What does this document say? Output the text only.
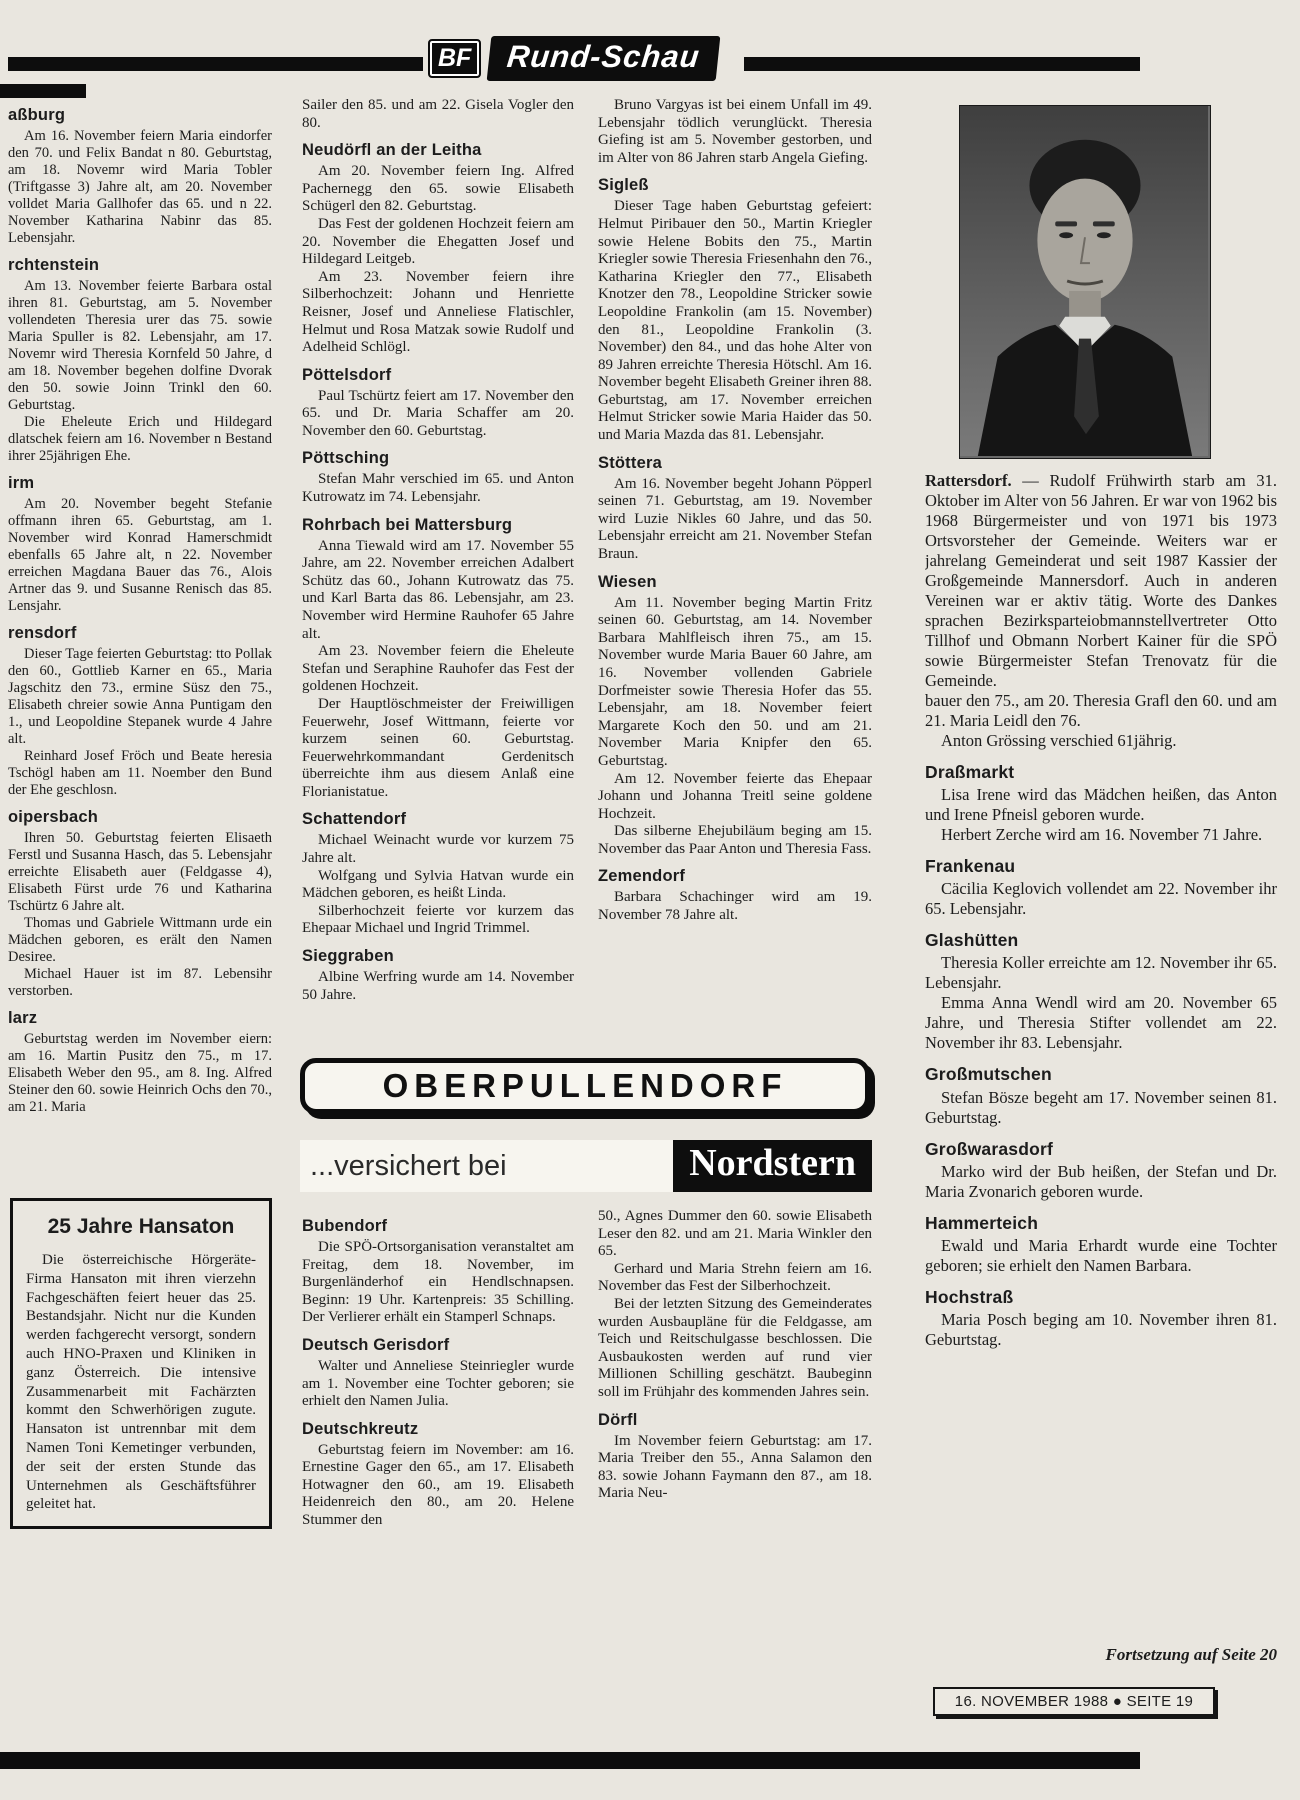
BF	Rund-Schau
aßburg

Am 16. November feiern Maria eindorfer den 70. und Felix Bandat n 80. Geburtstag, am 18. Novemr wird Maria Tobler (Triftgasse 3) Jahre alt, am 20. November volldet Maria Gallhofer das 65. und n 22. November Katharina Nabinr das 85. Lebensjahr.

rchtenstein

Am 13. November feierte Barbara ostal ihren 81. Geburtstag, am 5. November vollendeten Theresia urer das 75. sowie Maria Spuller is 82. Lebensjahr, am 17. Novemr wird Theresia Kornfeld 50 Jahre, d am 18. November begehen dolfine Dvorak den 50. sowie Joinn Trinkl den 60. Geburtstag.

Die Eheleute Erich und Hildegard dlatschek feiern am 16. November n Bestand ihrer 25jährigen Ehe.

irm

Am 20. November begeht Stefanie offmann ihren 65. Geburtstag, am 1. November wird Konrad Hamerschmidt ebenfalls 65 Jahre alt, n 22. November erreichen Magdana Bauer das 76., Alois Artner das 9. und Susanne Renisch das 85. Lensjahr.

rensdorf

Dieser Tage feierten Geburtstag: tto Pollak den 60., Gottlieb Karner en 65., Maria Jagschitz den 73., ermine Süsz den 75., Elisabeth chreier sowie Anna Puntigam den 1., und Leopoldine Stepanek wurde 4 Jahre alt.

Reinhard Josef Fröch und Beate heresia Tschögl haben am 11. Noember den Bund der Ehe geschlosn.

oipersbach

Ihren 50. Geburtstag feierten Elisaeth Ferstl und Susanna Hasch, das 5. Lebensjahr erreichte Elisabeth auer (Feldgasse 4), Elisabeth Fürst urde 76 und Katharina Tschürtz 6 Jahre alt.

Thomas und Gabriele Wittmann urde ein Mädchen geboren, es erält den Namen Desiree.

Michael Hauer ist im 87. Lebensihr verstorben.

larz

Geburtstag werden im November eiern: am 16. Martin Pusitz den 75., m 17. Elisabeth Weber den 95., am 8. Ing. Alfred Steiner den 60. sowie Heinrich Ochs den 70., am 21. Maria

25 Jahre Hansaton

Die österreichische Hörgeräte-Firma Hansaton mit ihren vierzehn Fachgeschäften feiert heuer das 25. Bestandsjahr. Nicht nur die Kunden werden fachgerecht versorgt, sondern auch HNO-Praxen und Kliniken in ganz Österreich. Die intensive Zusammenarbeit mit Fachärzten kommt den Schwerhörigen zugute. Hansaton ist untrennbar mit dem Namen Toni Kemetinger verbunden, der seit der ersten Stunde das Unternehmen als Geschäftsführer geleitet hat.

Sailer den 85. und am 22. Gisela Vogler den 80.

Neudörfl an der Leitha

Am 20. November feiern Ing. Alfred Pachernegg den 65. sowie Elisabeth Schügerl den 82. Geburtstag.

Das Fest der goldenen Hochzeit feiern am 20. November die Ehegatten Josef und Hildegard Leitgeb.

Am 23. November feiern ihre Silberhochzeit: Johann und Henriette Reisner, Josef und Anneliese Flatischler, Helmut und Rosa Matzak sowie Rudolf und Adelheid Schlögl.

Pöttelsdorf

Paul Tschürtz feiert am 17. November den 65. und Dr. Maria Schaffer am 20. November den 60. Geburtstag.

Pöttsching

Stefan Mahr verschied im 65. und Anton Kutrowatz im 74. Lebensjahr.

Rohrbach bei Mattersburg

Anna Tiewald wird am 17. November 55 Jahre, am 22. November erreichen Adalbert Schütz das 60., Johann Kutrowatz das 75. und Karl Barta das 86. Lebensjahr, am 23. November wird Hermine Rauhofer 65 Jahre alt.

Am 23. November feiern die Eheleute Stefan und Seraphine Rauhofer das Fest der goldenen Hochzeit.

Der Hauptlöschmeister der Freiwilligen Feuerwehr, Josef Wittmann, feierte vor kurzem seinen 60. Geburtstag. Feuerwehrkommandant Gerdenitsch überreichte ihm aus diesem Anlaß eine Florianistatue.

Schattendorf

Michael Weinacht wurde vor kurzem 75 Jahre alt.

Wolfgang und Sylvia Hatvan wurde ein Mädchen geboren, es heißt Linda.

Silberhochzeit feierte vor kurzem das Ehepaar Michael und Ingrid Trimmel.

Sieggraben

Albine Werfring wurde am 14. November 50 Jahre.

Bruno Vargyas ist bei einem Unfall im 49. Lebensjahr tödlich verunglückt. Theresia Giefing ist am 5. November gestorben, und im Alter von 86 Jahren starb Angela Giefing.

Sigleß

Dieser Tage haben Geburtstag gefeiert: Helmut Piribauer den 50., Martin Kriegler sowie Helene Bobits den 75., Martin Kriegler sowie Theresia Friesenhahn den 76., Katharina Kriegler den 77., Elisabeth Knotzer den 78., Leopoldine Stricker sowie Leopoldine Frankolin (am 15. November) den 81., Leopoldine Frankolin (3. November) den 84., und das hohe Alter von 89 Jahren erreichte Theresia Hötschl. Am 16. November begeht Elisabeth Greiner ihren 88. Geburtstag, am 17. November erreichen Helmut Stricker sowie Maria Haider das 50. und Maria Mazda das 81. Lebensjahr.

Stöttera

Am 16. November begeht Johann Pöpperl seinen 71. Geburtstag, am 19. November wird Luzie Nikles 60 Jahre, und das 50. Lebensjahr erreicht am 21. November Stefan Braun.

Wiesen

Am 11. November beging Martin Fritz seinen 60. Geburtstag, am 14. November Barbara Mahlfleisch ihren 75., am 15. November wurde Maria Bauer 60 Jahre, am 16. November vollenden Gabriele Dorfmeister sowie Theresia Hofer das 55. Lebensjahr, am 18. November feiert Margarete Koch den 50. und am 21. November Maria Knipfer den 65. Geburtstag.

Am 12. November feierte das Ehepaar Johann und Johanna Treitl seine goldene Hochzeit.

Das silberne Ehejubiläum beging am 15. November das Paar Anton und Theresia Fass.

Zemendorf

Barbara Schachinger wird am 19. November 78 Jahre alt.

OBERPULLENDORF
...versichert bei	Nordstern
Bubendorf

Die SPÖ-Ortsorganisation veranstaltet am Freitag, dem 18. November, im Burgenländerhof ein Hendlschnapsen. Beginn: 19 Uhr. Kartenpreis: 35 Schilling. Der Verlierer erhält ein Stamperl Schnaps.

Deutsch Gerisdorf

Walter und Anneliese Steinriegler wurde am 1. November eine Tochter geboren; sie erhielt den Namen Julia.

Deutschkreutz

Geburtstag feiern im November: am 16. Ernestine Gager den 65., am 17. Elisabeth Hotwagner den 60., am 19. Elisabeth Heidenreich den 80., am 20. Helene Stummer den

50., Agnes Dummer den 60. sowie Elisabeth Leser den 82. und am 21. Maria Winkler den 65.

Gerhard und Maria Strehn feiern am 16. November das Fest der Silberhochzeit.

Bei der letzten Sitzung des Gemeinderates wurden Ausbaupläne für die Feldgasse, am Teich und Reitschulgasse beschlossen. Die Ausbaukosten werden auf rund vier Millionen Schilling geschätzt. Baubeginn soll im Frühjahr des kommenden Jahres sein.

Dörfl

Im November feiern Geburtstag: am 17. Maria Treiber den 55., Anna Salamon den 83. sowie Johann Faymann den 87., am 18. Maria Neu-

Rattersdorf. — Rudolf Frühwirth starb am 31. Oktober im Alter von 56 Jahren. Er war von 1962 bis 1968 Bürgermeister und von 1971 bis 1973 Ortsvorsteher der Gemeinde. Weiters war er jahrelang Gemeinderat und seit 1987 Kassier der Großgemeinde Mannersdorf. Auch in anderen Vereinen war er aktiv tätig. Worte des Dankes sprachen Bezirksparteiobmannstellvertreter Otto Tillhof und Obmann Norbert Kainer für die SPÖ sowie Bürgermeister Stefan Trenovatz für die Gemeinde.

bauer den 75., am 20. Theresia Grafl den 60. und am 21. Maria Leidl den 76.

Anton Grössing verschied 61jährig.

Draßmarkt

Lisa Irene wird das Mädchen heißen, das Anton und Irene Pfneisl geboren wurde.

Herbert Zerche wird am 16. November 71 Jahre.

Frankenau

Cäcilia Keglovich vollendet am 22. November ihr 65. Lebensjahr.

Glashütten

Theresia Koller erreichte am 12. November ihr 65. Lebensjahr.

Emma Anna Wendl wird am 20. November 65 Jahre, und Theresia Stifter vollendet am 22. November ihr 83. Lebensjahr.

Großmutschen

Stefan Bösze begeht am 17. November seinen 81. Geburtstag.

Großwarasdorf

Marko wird der Bub heißen, der Stefan und Dr. Maria Zvonarich geboren wurde.

Hammerteich

Ewald und Maria Erhardt wurde eine Tochter geboren; sie erhielt den Namen Barbara.

Hochstraß

Maria Posch beging am 10. November ihren 81. Geburtstag.

Fortsetzung auf Seite 20
16. NOVEMBER 1988 ● SEITE 19
